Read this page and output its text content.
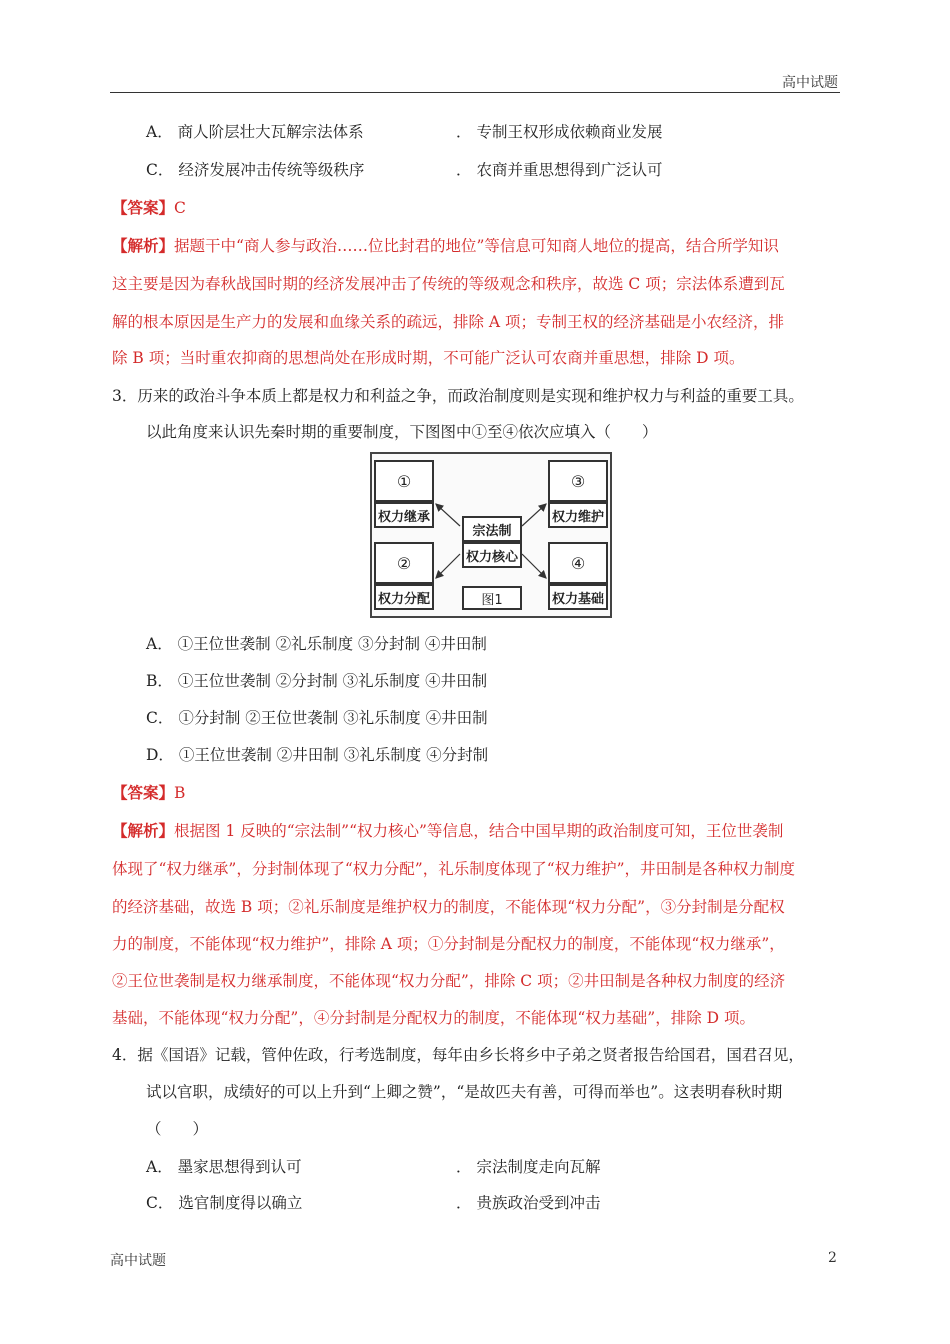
高中试题
A． 商人阶层壮大瓦解宗法体系	． 专制王权形成依赖商业发展
C． 经济发展冲击传统等级秩序	． 农商并重思想得到广泛认可
【答案】C
【解析】据题干中“商人参与政治……位比封君的地位”等信息可知商人地位的提高，结合所学知识
这主要是因为春秋战国时期的经济发展冲击了传统的等级观念和秩序，故选 C 项；宗法体系遭到瓦
解的根本原因是生产力的发展和血缘关系的疏远，排除 A 项；专制王权的经济基础是小农经济，排
除 B 项；当时重农抑商的思想尚处在形成时期，不可能广泛认可农商并重思想，排除 D 项。
3．历来的政治斗争本质上都是权力和利益之争，而政治制度则是实现和维护权力与利益的重要工具。
以此角度来认识先秦时期的重要制度，下图图中①至④依次应填入（　　）
①
权力继承
②
权力分配
③
权力维护
④
权力基础
宗法制
权力核心
图1
A． ①王位世袭制 ②礼乐制度 ③分封制 ④井田制
B． ①王位世袭制 ②分封制 ③礼乐制度 ④井田制
C． ①分封制 ②王位世袭制 ③礼乐制度 ④井田制
D． ①王位世袭制 ②井田制 ③礼乐制度 ④分封制
【答案】B
【解析】根据图 1 反映的“宗法制”“权力核心”等信息，结合中国早期的政治制度可知，王位世袭制
体现了“权力继承”，分封制体现了“权力分配”，礼乐制度体现了“权力维护”，井田制是各种权力制度
的经济基础，故选 B 项；②礼乐制度是维护权力的制度，不能体现“权力分配”，③分封制是分配权
力的制度，不能体现“权力维护”，排除 A 项；①分封制是分配权力的制度，不能体现“权力继承”，
②王位世袭制是权力继承制度，不能体现“权力分配”，排除 C 项；②井田制是各种权力制度的经济
基础，不能体现“权力分配”，④分封制是分配权力的制度，不能体现“权力基础”，排除 D 项。
4．据《国语》记载，管仲佐政，行考选制度，每年由乡长将乡中子弟之贤者报告给国君，国君召见，
试以官职，成绩好的可以上升到“上卿之赞”，“是故匹夫有善，可得而举也”。这表明春秋时期
（　　）
A． 墨家思想得到认可	． 宗法制度走向瓦解
C． 选官制度得以确立	． 贵族政治受到冲击
高中试题	2
